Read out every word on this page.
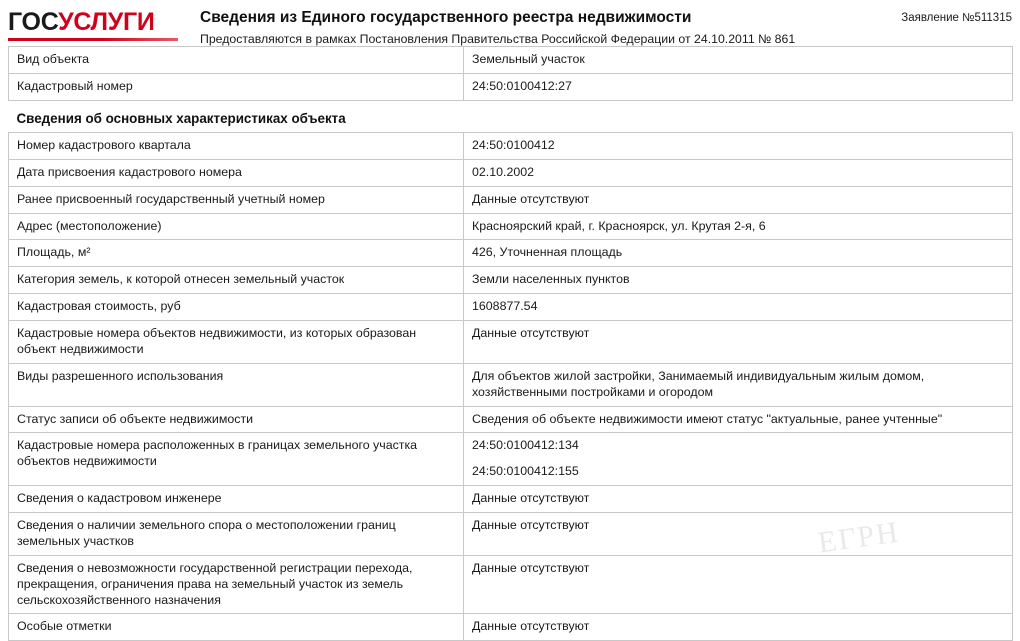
ГОСУСЛУГИ	Сведения из Единого государственного реестра недвижимости
Предоставляются в рамках Постановления Правительства Российской Федерации от 24.10.2011 № 861
Заявление №511315
Вид объекта	Земельный участок
Кадастровый номер	24:50:0100412:27
Сведения об основных характеристиках объекта	
Номер кадастрового квартала	24:50:0100412
Дата присвоения кадастрового номера	02.10.2002
Ранее присвоенный государственный учетный номер	Данные отсутствуют
Адрес (местоположение)	Красноярский край, г. Красноярск, ул. Крутая 2-я, 6
Площадь, м²	426, Уточненная площадь
Категория земель, к которой отнесен земельный участок	Земли населенных пунктов
Кадастровая стоимость, руб	1608877.54
Кадастровые номера объектов недвижимости, из которых образован объект недвижимости	Данные отсутствуют
Виды разрешенного использования	Для объектов жилой застройки, Занимаемый индивидуальным жилым домом, хозяйственными постройками и огородом
Статус записи об объекте недвижимости	Сведения об объекте недвижимости имеют статус "актуальные, ранее учтенные"
Кадастровые номера расположенных в границах земельного участка объектов недвижимости	24:50:0100412:134
24:50:0100412:155

Сведения о кадастровом инженере	Данные отсутствуют
Сведения о наличии земельного спора о местоположении границ земельных участков	Данные отсутствуют
Сведения о невозможности государственной регистрации перехода, прекращения, ограничения права на земельный участок из земель сельскохозяйственного назначения	Данные отсутствуют
Особые отметки	Данные отсутствуют
ЕГРН
